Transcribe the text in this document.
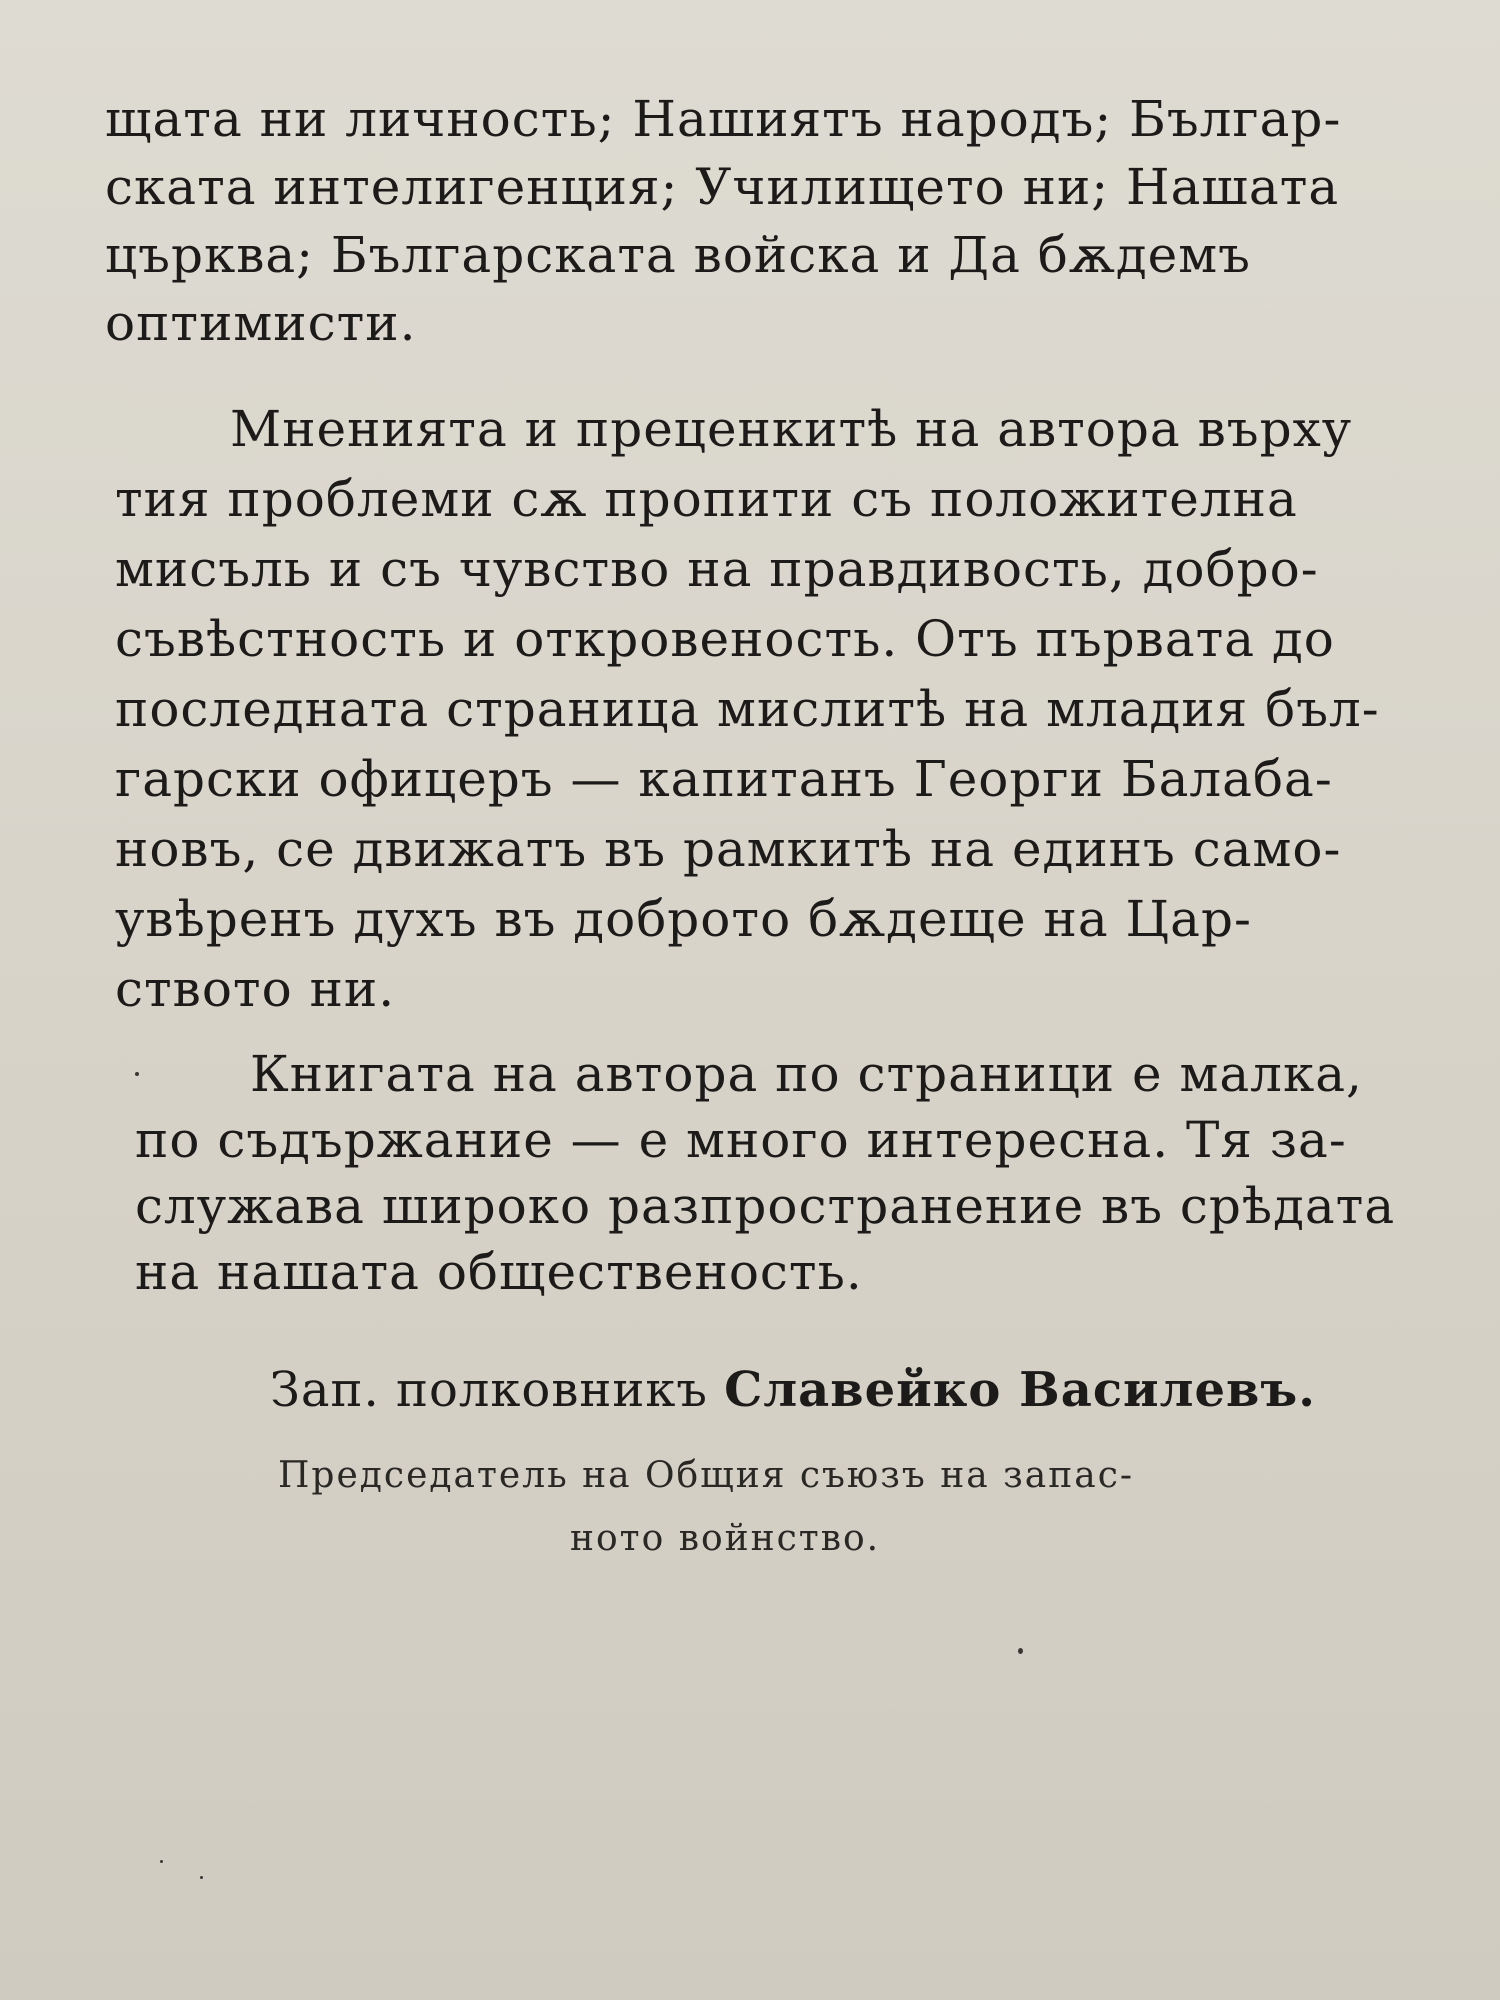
щата ни личность; Нашиятъ народъ; Българ-
ската интелигенция; Училището ни; Нашата
църква; Българската войска и Да бѫдемъ
оптимисти.
Мненията и преценкитѣ на автора върху
тия проблеми сѫ пропити съ положителна
мисъль и съ чувство на правдивость, добро-
съвѣстность и откровеность. Отъ първата до
последната страница мислитѣ на младия бъл-
гарски офицеръ — капитанъ Георги Балаба-
новъ, се движатъ въ рамкитѣ на единъ само-
увѣренъ духъ въ доброто бѫдеще на Цар-
ството ни.
Книгата на автора по страници е малка,
по съдържание — е много интересна. Тя за-
служава широко разпространение въ срѣдата
на нашата общественость.
Зап. полковникъ Славейко Василевъ.
Председатель на Общия съюзъ на запас-
ното войнство.
